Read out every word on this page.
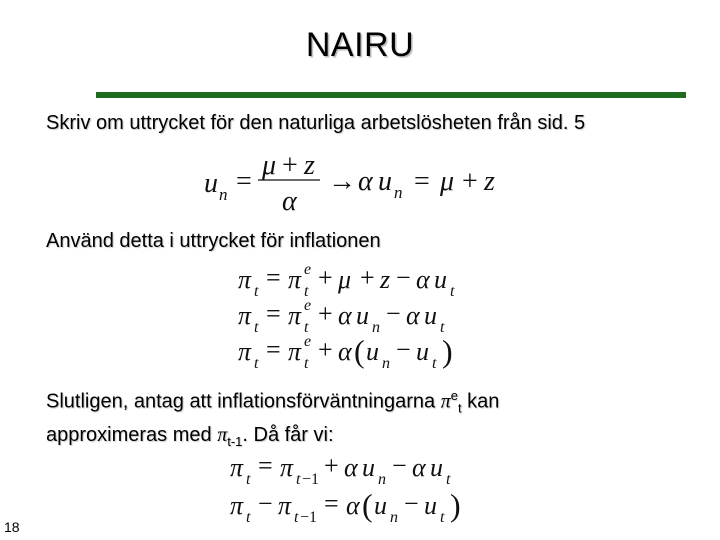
NAIRU
Skriv om uttrycket för den naturliga arbetslösheten från sid. 5
u n =
μ + z
α
→ α u n = μ + z
Använd detta i uttrycket för inflationen
π t = π e
t + μ + z − α u t
π t = π e
t + α u n − α u t
π t = π e
t + α ( u n − u t )
Slutligen, antag att inflationsförväntningarna $\pi^e_t$ kan
approximeras med $\pi_{t-1}$. Då får vi:
π t = π t −1 + α u n − α u t
π t − π t −1 = α ( u n − u t )
18
